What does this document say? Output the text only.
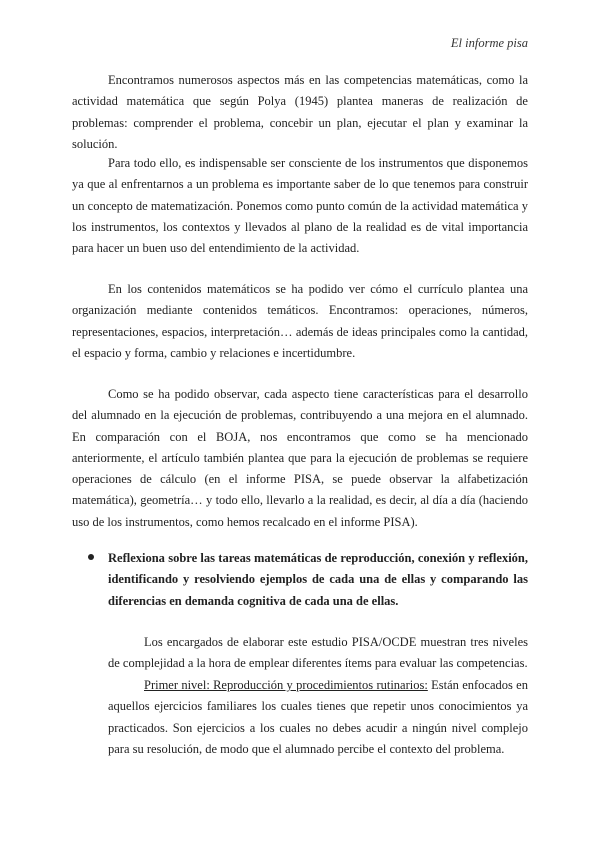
El informe pisa
Encontramos numerosos aspectos más en las competencias matemáticas, como la actividad matemática que según Polya (1945) plantea maneras de realización de problemas: comprender el problema, concebir un plan, ejecutar el plan y examinar la solución.
Para todo ello, es indispensable ser consciente de los instrumentos que disponemos ya que al enfrentarnos a un problema es importante saber de lo que tenemos para construir un concepto de matematización. Ponemos como punto común de la actividad matemática y los instrumentos, los contextos y llevados al plano de la realidad es de vital importancia para hacer un buen uso del entendimiento de la actividad.
En los contenidos matemáticos se ha podido ver cómo el currículo plantea una organización mediante contenidos temáticos. Encontramos: operaciones, números, representaciones, espacios, interpretación… además de ideas principales como la cantidad, el espacio y forma, cambio y relaciones e incertidumbre.
Como se ha podido observar, cada aspecto tiene características para el desarrollo del alumnado en la ejecución de problemas, contribuyendo a una mejora en el alumnado. En comparación con el BOJA, nos encontramos que como se ha mencionado anteriormente, el artículo también plantea que para la ejecución de problemas se requiere operaciones de cálculo (en el informe PISA, se puede observar la alfabetización matemática), geometría… y todo ello, llevarlo a la realidad, es decir, al día a día (haciendo uso de los instrumentos, como hemos recalcado en el informe PISA).
Reflexiona sobre las tareas matemáticas de reproducción, conexión y reflexión, identificando y resolviendo ejemplos de cada una de ellas y comparando las diferencias en demanda cognitiva de cada una de ellas.
Los encargados de elaborar este estudio PISA/OCDE muestran tres niveles de complejidad a la hora de emplear diferentes ítems para evaluar las competencias.
Primer nivel: Reproducción y procedimientos rutinarios: Están enfocados en aquellos ejercicios familiares los cuales tienes que repetir unos conocimientos ya practicados. Son ejercicios a los cuales no debes acudir a ningún nivel complejo para su resolución, de modo que el alumnado percibe el contexto del problema.
